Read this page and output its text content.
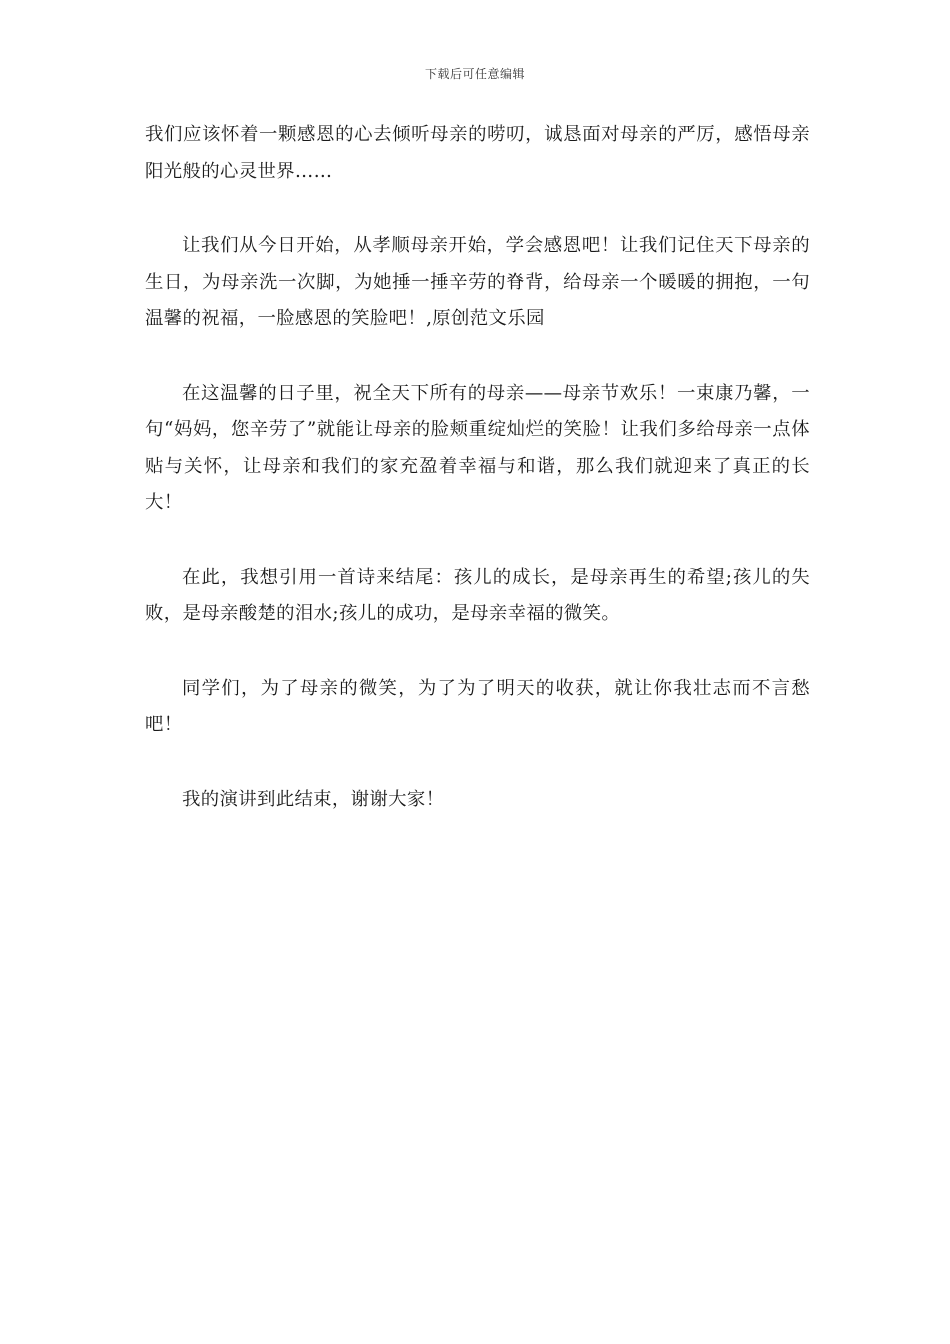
下载后可任意编辑

我们应该怀着一颗感恩的心去倾听母亲的唠叨，诚恳面对母亲的严厉，感悟母亲阳光般的心灵世界……

让我们从今日开始，从孝顺母亲开始，学会感恩吧！让我们记住天下母亲的生日，为母亲洗一次脚，为她捶一捶辛劳的脊背，给母亲一个暖暖的拥抱，一句温馨的祝福，一脸感恩的笑脸吧！,原创范文乐园

在这温馨的日子里，祝全天下所有的母亲——母亲节欢乐！一束康乃馨，一句“妈妈，您辛劳了”就能让母亲的脸颊重绽灿烂的笑脸！让我们多给母亲一点体贴与关怀，让母亲和我们的家充盈着幸福与和谐，那么我们就迎来了真正的长大！

在此，我想引用一首诗来结尾：孩儿的成长，是母亲再生的希望;孩儿的失败，是母亲酸楚的泪水;孩儿的成功，是母亲幸福的微笑。

同学们，为了母亲的微笑，为了为了明天的收获，就让你我壮志而不言愁吧！

我的演讲到此结束，谢谢大家！
